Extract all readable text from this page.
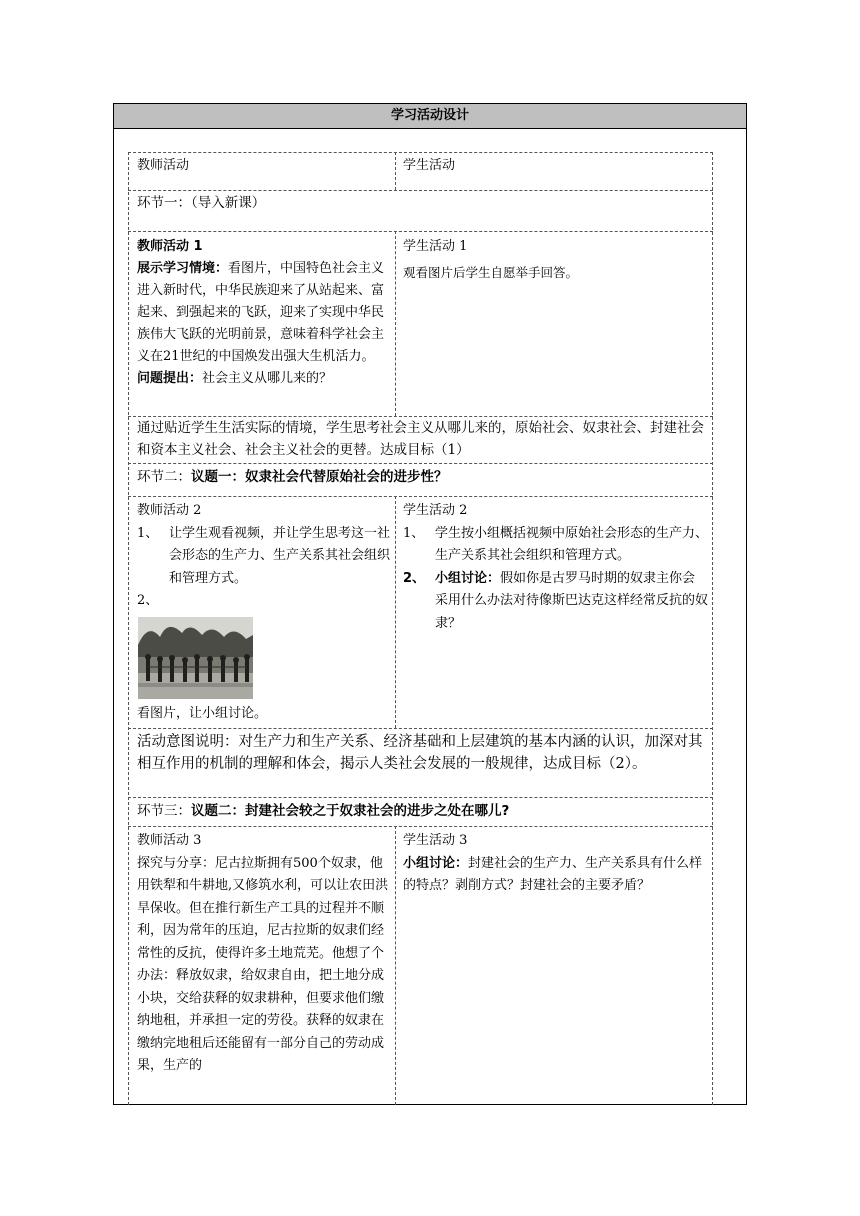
学习活动设计
教师活动	学生活动
环节一：（导入新课）
教师活动 1
展示学习情境：看图片，中国特色社会主义进入新时代，中华民族迎来了从站起来、富起来、到强起来的飞跃，迎来了实现中华民族伟大飞跃的光明前景，意味着科学社会主义在21世纪的中国焕发出强大生机活力。
问题提出：社会主义从哪儿来的？
学生活动 1
观看图片后学生自愿举手回答。
通过贴近学生生活实际的情境，学生思考社会主义从哪儿来的，原始社会、奴隶社会、封建社会和资本主义社会、社会主义社会的更替。达成目标（1）
环节二：议题一：奴隶社会代替原始社会的进步性？
教师活动 2
1、 让学生观看视频，并让学生思考这一社会形态的生产力、生产关系其社会组织和管理方式。
2、
看图片，让小组讨论。
学生活动 2
1、 学生按小组概括视频中原始社会形态的生产力、生产关系其社会组织和管理方式。
2、 小组讨论：假如你是古罗马时期的奴隶主你会采用什么办法对待像斯巴达克这样经常反抗的奴隶？
活动意图说明：对生产力和生产关系、经济基础和上层建筑的基本内涵的认识，加深对其相互作用的机制的理解和体会，揭示人类社会发展的一般规律，达成目标（2）。
环节三：议题二：封建社会较之于奴隶社会的进步之处在哪儿?
教师活动 3
探究与分享：尼古拉斯拥有500个奴隶，他用铁犁和牛耕地,又修筑水利，可以让农田洪旱保收。但在推行新生产工具的过程并不顺利，因为常年的压迫，尼古拉斯的奴隶们经常性的反抗，使得许多土地荒芜。他想了个办法：释放奴隶，给奴隶自由，把土地分成小块，交给获释的奴隶耕种，但要求他们缴纳地租，并承担一定的劳役。获释的奴隶在缴纳完地租后还能留有一部分自己的劳动成果，生产的
学生活动 3
小组讨论：封建社会的生产力、生产关系具有什么样的特点？剥削方式？封建社会的主要矛盾？
